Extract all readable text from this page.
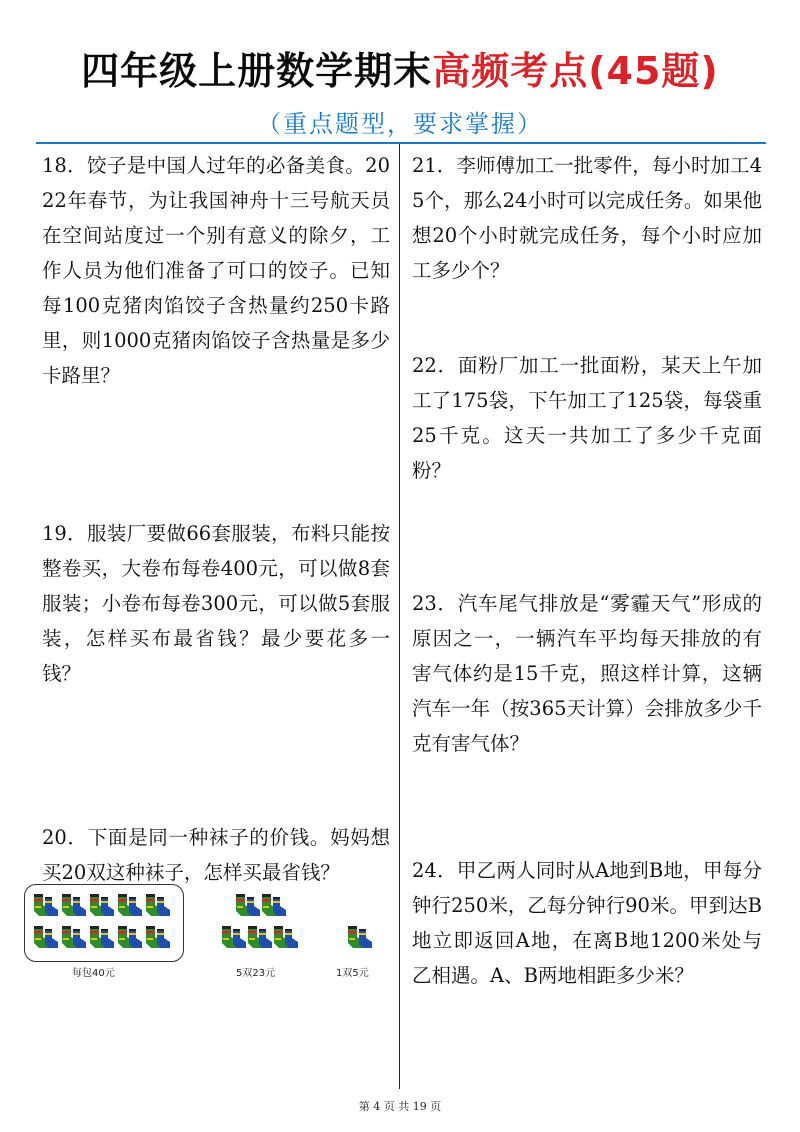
四年级上册数学期末高频考点(45题)
（重点题型，要求掌握）
18．饺子是中国人过年的必备美食。2022年春节，为让我国神舟十三号航天员在空间站度过一个别有意义的除夕，工作人员为他们准备了可口的饺子。已知每100克猪肉馅饺子含热量约250卡路里，则1000克猪肉馅饺子含热量是多少卡路里？
19．服装厂要做66套服装，布料只能按整卷买，大卷布每卷400元，可以做8套服装；小卷布每卷300元，可以做5套服装，怎样买布最省钱？最少要花多一钱？
20．下面是同一种袜子的价钱。妈妈想买20双这种袜子，怎样买最省钱？
每包40元	5双23元	1双5元
21．李师傅加工一批零件，每小时加工45个，那么24小时可以完成任务。如果他想20个小时就完成任务，每个小时应加工多少个？
22．面粉厂加工一批面粉，某天上午加工了175袋，下午加工了125袋，每袋重25千克。这天一共加工了多少千克面粉？
23．汽车尾气排放是“雾霾天气”形成的原因之一，一辆汽车平均每天排放的有害气体约是15千克，照这样计算，这辆汽车一年（按365天计算）会排放多少千克有害气体？
24．甲乙两人同时从A地到B地，甲每分钟行250米，乙每分钟行90米。甲到达B地立即返回A地，在离B地1200米处与乙相遇。A、B两地相距多少米？
第 4 页 共 19 页
